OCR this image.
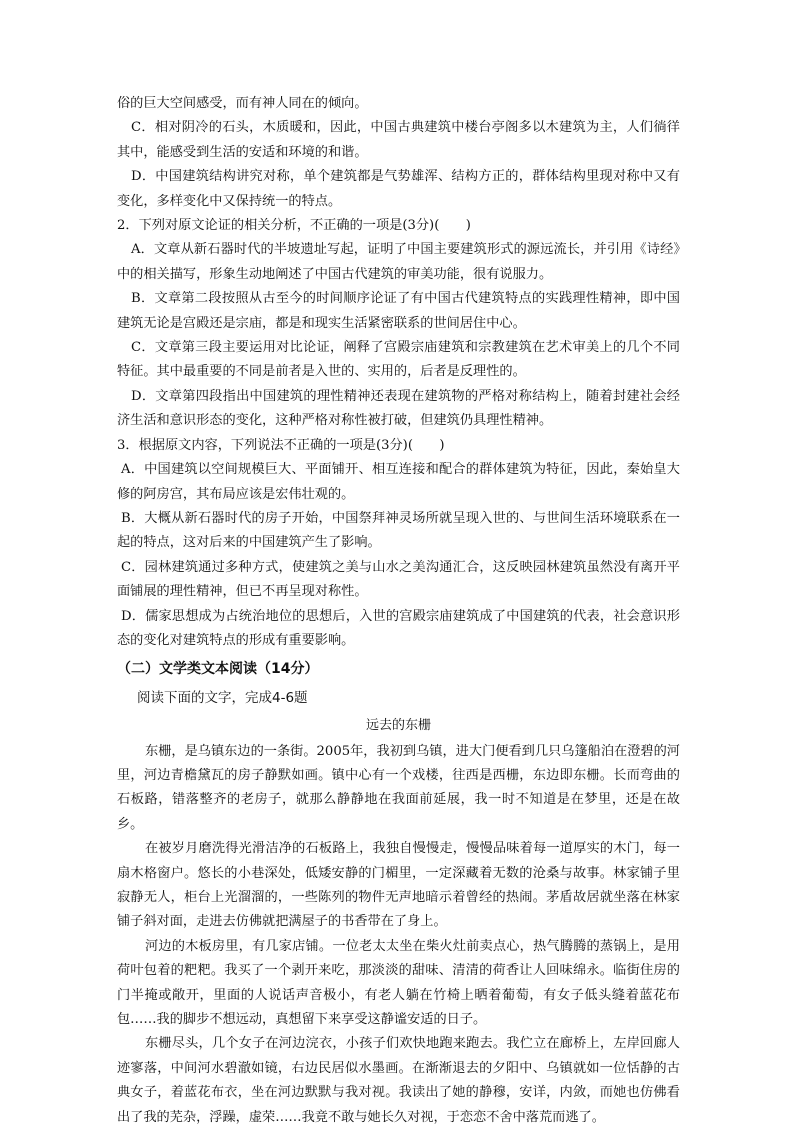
俗的巨大空间感受，而有神人同在的倾向。

C．相对阴冷的石头，木质暖和，因此，中国古典建筑中楼台亭阁多以木建筑为主，人们徜徉其中，能感受到生活的安适和环境的和谐。

D．中国建筑结构讲究对称，单个建筑都是气势雄浑、结构方正的，群体结构里现对称中又有变化，多样变化中又保持统一的特点。

2．下列对原文论证的相关分析，不正确的一项是(3分)(　　)

A．文章从新石器时代的半坡遗址写起，证明了中国主要建筑形式的源远流长，并引用《诗经》中的相关描写，形象生动地阐述了中国古代建筑的审美功能，很有说服力。

B．文章第二段按照从古至今的时间顺序论证了有中国古代建筑特点的实践理性精神，即中国建筑无论是宫殿还是宗庙，都是和现实生活紧密联系的世间居住中心。

C．文章第三段主要运用对比论证，阐释了宫殿宗庙建筑和宗教建筑在艺术审美上的几个不同特征。其中最重要的不同是前者是入世的、实用的，后者是反理性的。

D．文章第四段指出中国建筑的理性精神还表现在建筑物的严格对称结构上，随着封建社会经济生活和意识形态的变化，这种严格对称性被打破，但建筑仍具理性精神。

3．根据原文内容，下列说法不正确的一项是(3分)(　　)

A．中国建筑以空间规模巨大、平面铺开、相互连接和配合的群体建筑为特征，因此，秦始皇大修的阿房宫，其布局应该是宏伟壮观的。

B．大概从新石器时代的房子开始，中国祭拜神灵场所就呈现入世的、与世间生活环境联系在一起的特点，这对后来的中国建筑产生了影响。

C．园林建筑通过多种方式，使建筑之美与山水之美沟通汇合，这反映园林建筑虽然没有离开平面铺展的理性精神，但已不再呈现对称性。

D．儒家思想成为占统治地位的思想后，入世的宫殿宗庙建筑成了中国建筑的代表，社会意识形态的变化对建筑特点的形成有重要影响。

（二）文学类文本阅读（14分）

阅读下面的文字，完成4-6题

远去的东栅

东栅，是乌镇东边的一条街。2005年，我初到乌镇，进大门便看到几只乌篷船泊在澄碧的河里，河边青檐黛瓦的房子静默如画。镇中心有一个戏楼，往西是西栅，东边即东栅。长而弯曲的石板路，错落整齐的老房子，就那么静静地在我面前延展，我一时不知道是在梦里，还是在故乡。

在被岁月磨洗得光滑洁净的石板路上，我独自慢慢走，慢慢品味着每一道厚实的木门，每一扇木格窗户。悠长的小巷深处，低矮安静的门楣里，一定深藏着无数的沧桑与故事。林家铺子里寂静无人，柜台上光溜溜的，一些陈列的物件无声地暗示着曾经的热闹。茅盾故居就坐落在林家铺子斜对面，走进去仿佛就把满屋子的书香带在了身上。

河边的木板房里，有几家店铺。一位老太太坐在柴火灶前卖点心，热气腾腾的蒸锅上，是用荷叶包着的粑粑。我买了一个剥开来吃，那淡淡的甜味、清清的荷香让人回味绵永。临街住房的门半掩或敞开，里面的人说话声音极小，有老人躺在竹椅上晒着葡萄，有女子低头缝着蓝花布包……我的脚步不想远动，真想留下来享受这静谧安适的日子。

东栅尽头，几个女子在河边浣衣，小孩子们欢快地跑来跑去。我伫立在廊桥上，左岸回廊人迹寥落，中间河水碧澈如镜，右边民居似水墨画。在渐渐退去的夕阳中、乌镇就如一位恬静的古典女子，着蓝花布衣，坐在河边默默与我对视。我读出了她的静穆，安详，内敛，而她也仿佛看出了我的芜杂，浮躁，虚荣……我竟不敢与她长久对视，于恋恋不舍中落荒而逃了。
